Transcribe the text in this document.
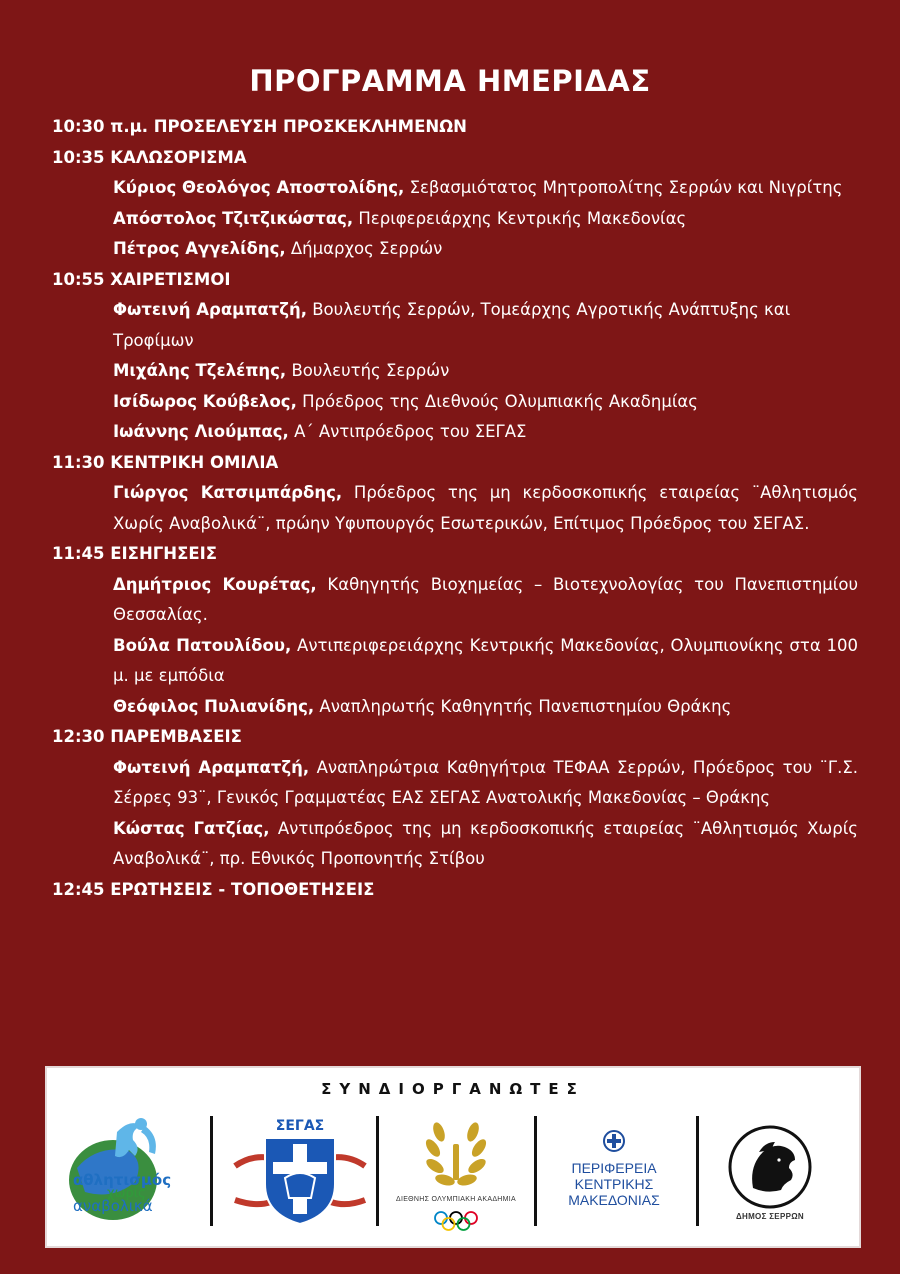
ΠΡΟΓΡΑΜΜΑ ΗΜΕΡΙΔΑΣ
10:30 π.μ. ΠΡΟΣΕΛΕΥΣΗ ΠΡΟΣΚΕΚΛΗΜΕΝΩΝ
10:35 ΚΑΛΩΣΟΡΙΣΜΑ
Κύριος Θεολόγος Αποστολίδης, Σεβασμιότατος Μητροπολίτης Σερρών και Νιγρίτης
Απόστολος Τζιτζικώστας, Περιφερειάρχης Κεντρικής Μακεδονίας
Πέτρος Αγγελίδης, Δήμαρχος Σερρών
10:55 ΧΑΙΡΕΤΙΣΜΟΙ
Φωτεινή Αραμπατζή, Βουλευτής Σερρών, Τομεάρχης Αγροτικής Ανάπτυξης και Τροφίμων
Μιχάλης Τζελέπης, Βουλευτής Σερρών
Ισίδωρος Κούβελος, Πρόεδρος της Διεθνούς Ολυμπιακής Ακαδημίας
Ιωάννης Λιούμπας, Α΄ Αντιπρόεδρος του ΣΕΓΑΣ
11:30 ΚΕΝΤΡΙΚΗ ΟΜΙΛΙΑ
Γιώργος Κατσιμπάρδης, Πρόεδρος της μη κερδοσκοπικής εταιρείας ¨Αθλητισμός Χωρίς Αναβολικά¨, πρώην Υφυπουργός Εσωτερικών, Επίτιμος Πρόεδρος του ΣΕΓΑΣ.
11:45 ΕΙΣΗΓΗΣΕΙΣ
Δημήτριος Κουρέτας, Καθηγητής Βιοχημείας – Βιοτεχνολογίας του Πανεπιστημίου Θεσσαλίας.
Βούλα Πατουλίδου, Αντιπεριφερειάρχης Κεντρικής Μακεδονίας, Ολυμπιονίκης στα 100 μ. με εμπόδια
Θεόφιλος Πυλιανίδης, Αναπληρωτής Καθηγητής Πανεπιστημίου Θράκης
12:30 ΠΑΡΕΜΒΑΣΕΙΣ
Φωτεινή Αραμπατζή, Αναπληρώτρια Καθηγήτρια ΤΕΦΑΑ Σερρών, Πρόεδρος του ¨Γ.Σ. Σέρρες 93¨, Γενικός Γραμματέας ΕΑΣ ΣΕΓΑΣ Ανατολικής Μακεδονίας – Θράκης
Κώστας Γατζίας, Αντιπρόεδρος της μη κερδοσκοπικής εταιρείας ¨Αθλητισμός Χωρίς Αναβολικά¨, πρ. Εθνικός Προπονητής Στίβου
12:45 ΕΡΩΤΗΣΕΙΣ - ΤΟΠΟΘΕΤΗΣΕΙΣ
ΣΥΝΔΙΟΡΓΑΝΩΤΕΣ
αθλητισμός
χωρίς
αναβολικά
ΣΕΓΑΣ
ΔΙΕΘΝΗΣ ΟΛΥΜΠΙΑΚΗ ΑΚΑΔΗΜΙΑ
ΠΕΡΙΦΕΡΕΙΑ
ΚΕΝΤΡΙΚΗΣ
ΜΑΚΕΔΟΝΙΑΣ
ΔΗΜΟΣ ΣΕΡΡΩΝ
